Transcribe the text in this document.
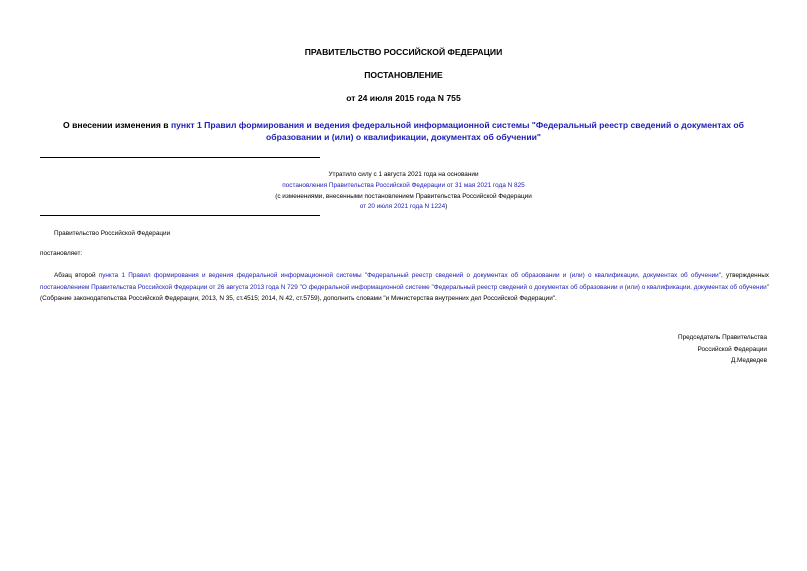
ПРАВИТЕЛЬСТВО РОССИЙСКОЙ ФЕДЕРАЦИИ
ПОСТАНОВЛЕНИЕ
от 24 июля 2015 года N 755
О внесении изменения в пункт 1 Правил формирования и ведения федеральной информационной системы "Федеральный реестр сведений о документах об образовании и (или) о квалификации, документах об обучении"
Утратило силу с 1 августа 2021 года на основании
постановления Правительства Российской Федерации от 31 мая 2021 года N 825
(с изменениями, внесенными постановлением Правительства Российской Федерации
от 20 июля 2021 года N 1224)
Правительство Российской Федерации
постановляет:
Абзац второй пункта 1 Правил формирования и ведения федеральной информационной системы "Федеральный реестр сведений о документах об образовании и (или) о квалификации, документах об обучении", утвержденных постановлением Правительства Российской Федерации от 26 августа 2013 года N 729 "О федеральной информационной системе "Федеральный реестр сведений о документах об образовании и (или) о квалификации, документах об обучении" (Собрание законодательства Российской Федерации, 2013, N 35, ст.4515; 2014, N 42, ст.5759), дополнить словами "и Министерства внутренних дел Российской Федерации".
Председатель Правительства
Российской Федерации
Д.Медведев
